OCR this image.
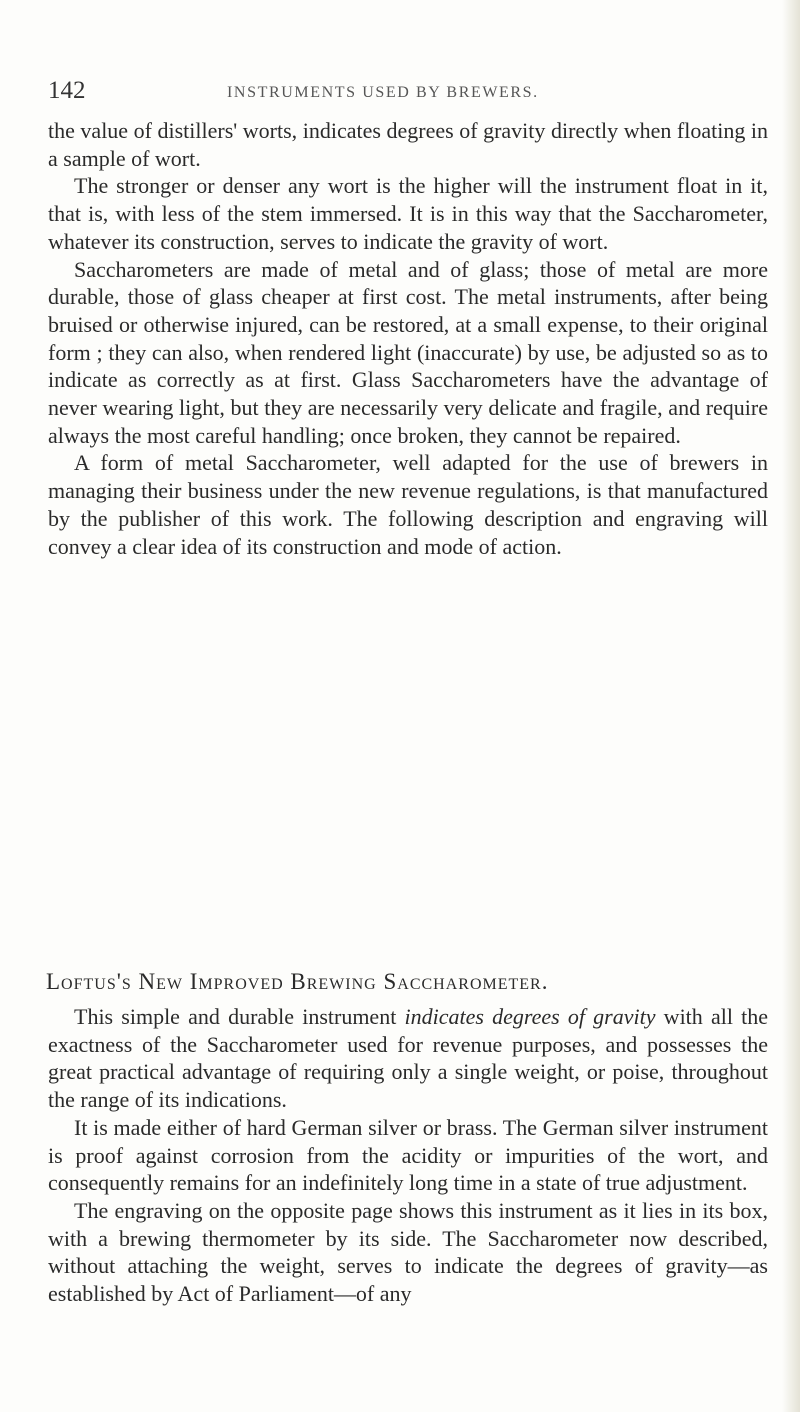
142	INSTRUMENTS USED BY BREWERS.

the value of distillers' worts, indicates degrees of gravity directly when floating in a sample of wort.

The stronger or denser any wort is the higher will the instrument float in it, that is, with less of the stem immersed. It is in this way that the Saccharometer, whatever its construction, serves to indicate the gravity of wort.

Saccharometers are made of metal and of glass; those of metal are more durable, those of glass cheaper at first cost. The metal instruments, after being bruised or otherwise injured, can be restored, at a small expense, to their original form ; they can also, when rendered light (inaccurate) by use, be adjusted so as to indicate as correctly as at first. Glass Saccharometers have the advantage of never wearing light, but they are necessarily very delicate and fragile, and require always the most careful handling; once broken, they cannot be repaired.

A form of metal Saccharometer, well adapted for the use of brewers in managing their business under the new revenue regulations, is that manufactured by the publisher of this work. The following description and engraving will convey a clear idea of its construction and mode of action.

Loftus's New Improved Brewing Saccharometer.

This simple and durable instrument indicates degrees of gravity with all the exactness of the Saccharometer used for revenue purposes, and possesses the great practical advantage of requiring only a single weight, or poise, throughout the range of its indications.

It is made either of hard German silver or brass. The German silver instrument is proof against corrosion from the acidity or impurities of the wort, and consequently remains for an indefinitely long time in a state of true adjustment.

The engraving on the opposite page shows this instrument as it lies in its box, with a brewing thermometer by its side. The Saccharometer now described, without attaching the weight, serves to indicate the degrees of gravity—as established by Act of Parliament—of any
